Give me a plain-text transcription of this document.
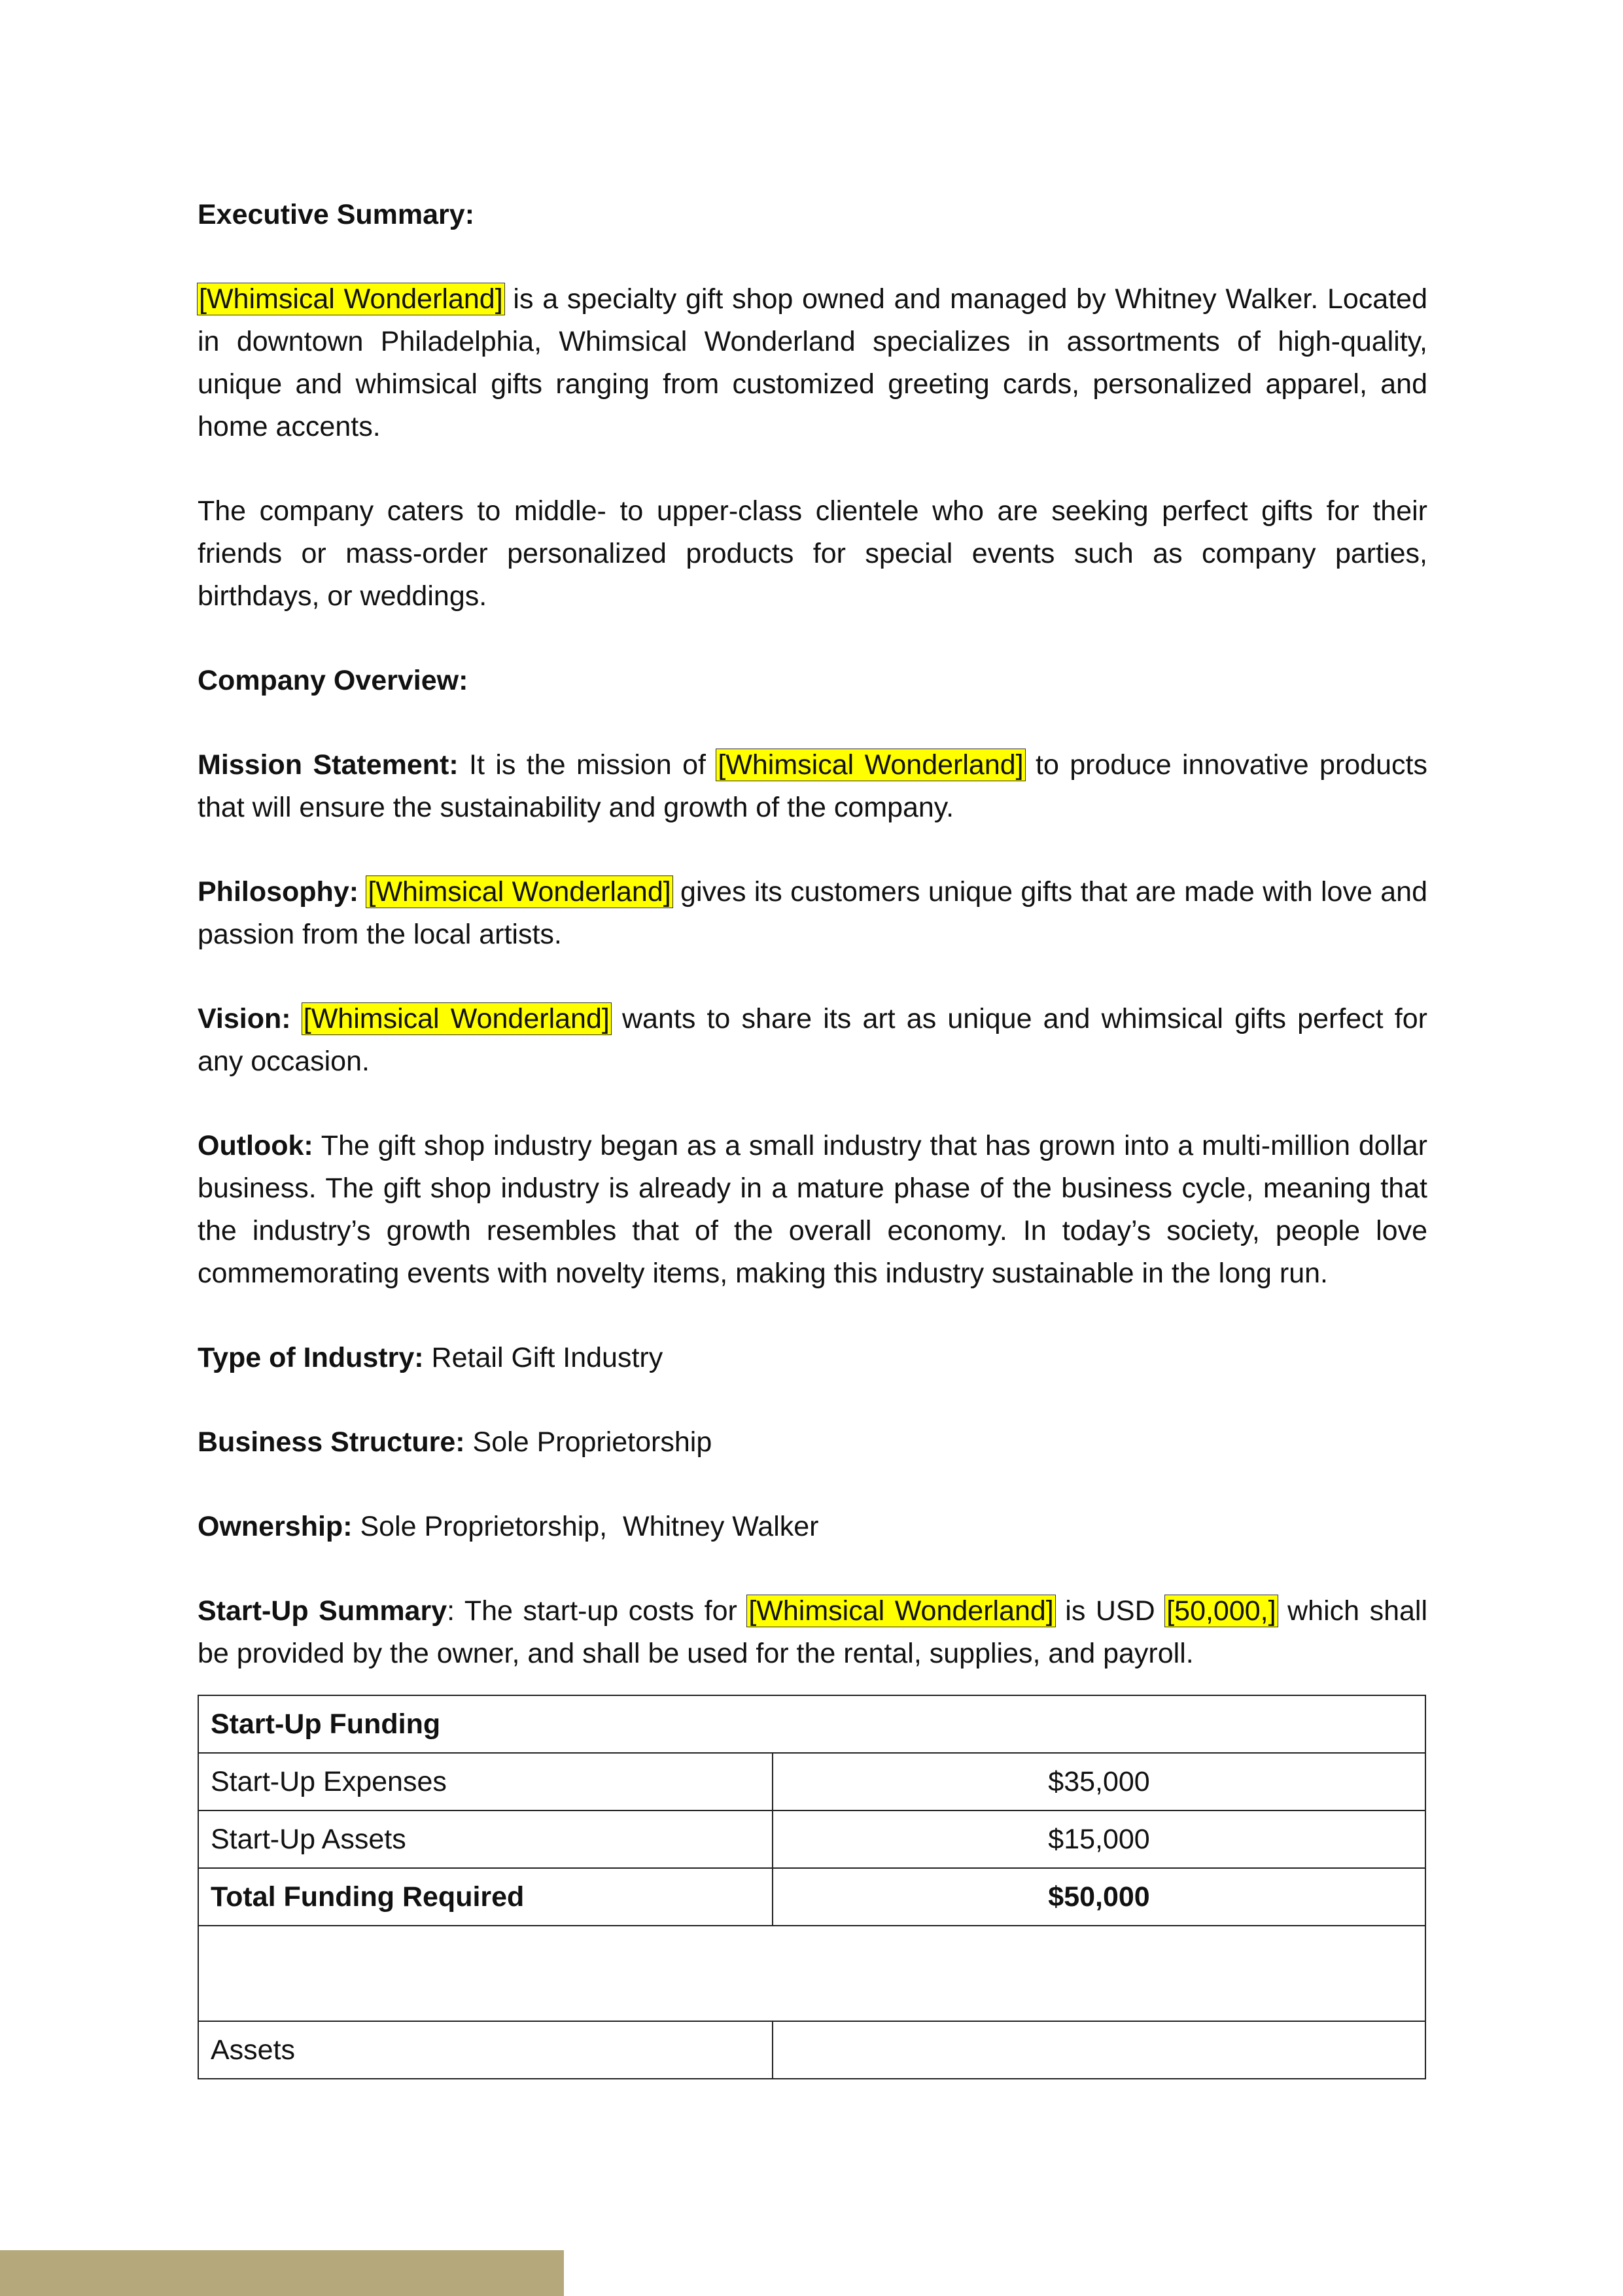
Executive Summary:

[Whimsical Wonderland] is a specialty gift shop owned and managed by Whitney Walker. Located in downtown Philadelphia, Whimsical Wonderland specializes in assortments of high-quality, unique and whimsical gifts ranging from customized greeting cards, personalized apparel, and home accents.

The company caters to middle- to upper-class clientele who are seeking perfect gifts for their friends or mass-order personalized products for special events such as company parties, birthdays, or weddings.

Company Overview:

Mission Statement: It is the mission of [Whimsical Wonderland] to produce innovative products that will ensure the sustainability and growth of the company.

Philosophy: [Whimsical Wonderland] gives its customers unique gifts that are made with love and passion from the local artists.

Vision: [Whimsical Wonderland] wants to share its art as unique and whimsical gifts perfect for any occasion.

Outlook: The gift shop industry began as a small industry that has grown into a multi-million dollar business. The gift shop industry is already in a mature phase of the business cycle, meaning that the industry’s growth resembles that of the overall economy. In today’s society, people love commemorating events with novelty items, making this industry sustainable in the long run.

Type of Industry: Retail Gift Industry

Business Structure: Sole Proprietorship

Ownership: Sole Proprietorship,  Whitney Walker

Start-Up Summary: The start-up costs for [Whimsical Wonderland] is USD [50,000,] which shall be provided by the owner, and shall be used for the rental, supplies, and payroll.

Start-Up Funding	
Start-Up Expenses	$35,000
Start-Up Assets	$15,000
Total Funding Required	$50,000

Assets	
